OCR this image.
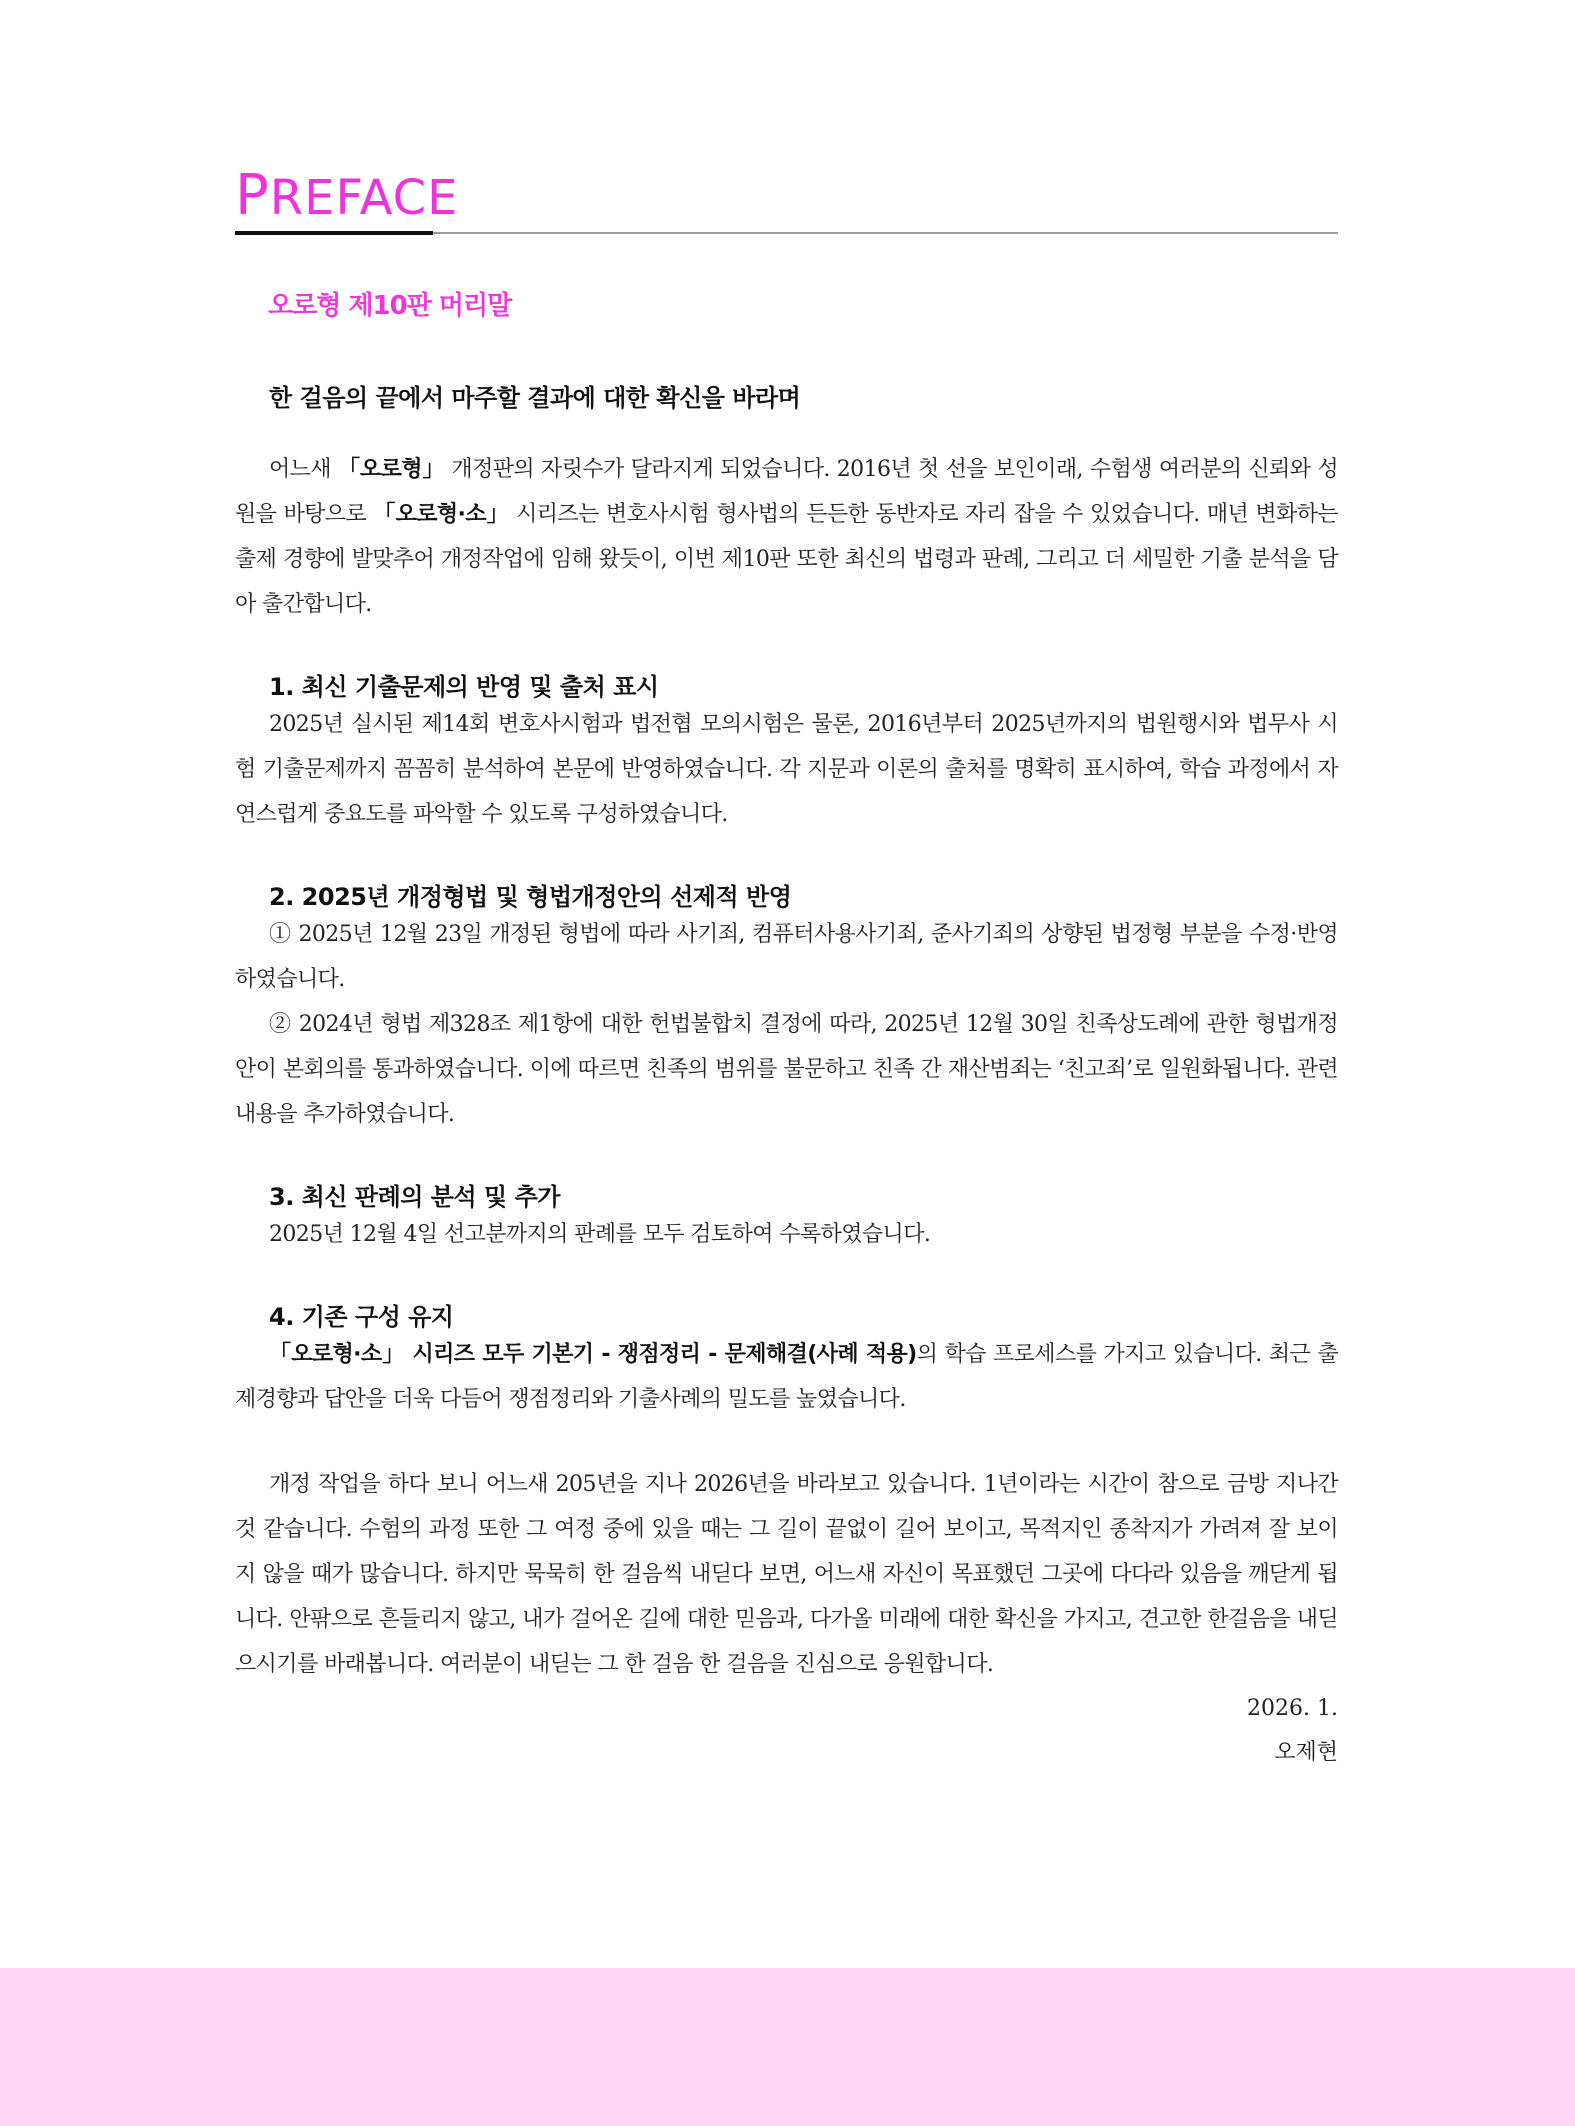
PREFACE
오로형 제10판 머리말
한 걸음의 끝에서 마주할 결과에 대한 확신을 바라며

어느새 「오로형」 개정판의 자릿수가 달라지게 되었습니다. 2016년 첫 선을 보인이래, 수험생 여러분의 신뢰와 성원을 바탕으로 「오로형·소」 시리즈는 변호사시험 형사법의 든든한 동반자로 자리 잡을 수 있었습니다. 매년 변화하는 출제 경향에 발맞추어 개정작업에 임해 왔듯이, 이번 제10판 또한 최신의 법령과 판례, 그리고 더 세밀한 기출 분석을 담아 출간합니다.

1. 최신 기출문제의 반영 및 출처 표시

2025년 실시된 제14회 변호사시험과 법전협 모의시험은 물론, 2016년부터 2025년까지의 법원행시와 법무사 시험 기출문제까지 꼼꼼히 분석하여 본문에 반영하였습니다. 각 지문과 이론의 출처를 명확히 표시하여, 학습 과정에서 자연스럽게 중요도를 파악할 수 있도록 구성하였습니다.

2. 2025년 개정형법 및 형법개정안의 선제적 반영

① 2025년 12월 23일 개정된 형법에 따라 사기죄, 컴퓨터사용사기죄, 준사기죄의 상향된 법정형 부분을 수정·반영하였습니다.

② 2024년 형법 제328조 제1항에 대한 헌법불합치 결정에 따라, 2025년 12월 30일 친족상도례에 관한 형법개정안이 본회의를 통과하였습니다. 이에 따르면 친족의 범위를 불문하고 친족 간 재산범죄는 ‘친고죄’로 일원화됩니다. 관련 내용을 추가하였습니다.

3. 최신 판례의 분석 및 추가

2025년 12월 4일 선고분까지의 판례를 모두 검토하여 수록하였습니다.

4. 기존 구성 유지

「오로형·소」 시리즈 모두 기본기 - 쟁점정리 - 문제해결(사례 적용)의 학습 프로세스를 가지고 있습니다. 최근 출제경향과 답안을 더욱 다듬어 쟁점정리와 기출사례의 밀도를 높였습니다.

개정 작업을 하다 보니 어느새 205년을 지나 2026년을 바라보고 있습니다. 1년이라는 시간이 참으로 금방 지나간 것 같습니다. 수험의 과정 또한 그 여정 중에 있을 때는 그 길이 끝없이 길어 보이고, 목적지인 종착지가 가려져 잘 보이지 않을 때가 많습니다. 하지만 묵묵히 한 걸음씩 내딛다 보면, 어느새 자신이 목표했던 그곳에 다다라 있음을 깨닫게 됩니다. 안팎으로 흔들리지 않고, 내가 걸어온 길에 대한 믿음과, 다가올 미래에 대한 확신을 가지고, 견고한 한걸음을 내딛으시기를 바래봅니다. 여러분이 내딛는 그 한 걸음 한 걸음을 진심으로 응원합니다.

2026. 1.
오제현
